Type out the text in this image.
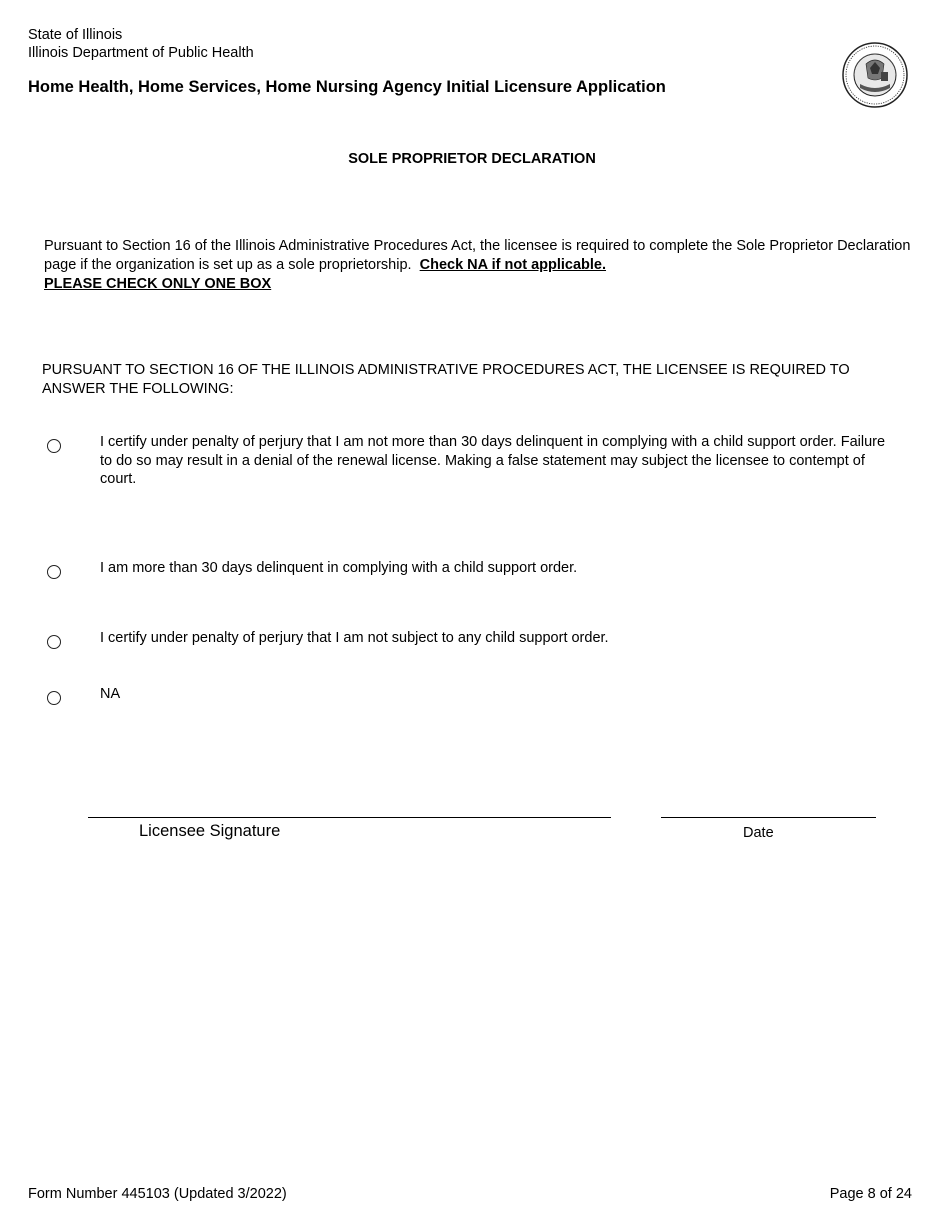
State of Illinois
Illinois Department of Public Health
Home Health, Home Services, Home Nursing Agency Initial Licensure Application
SOLE PROPRIETOR DECLARATION
Pursuant to Section 16 of the Illinois Administrative Procedures Act, the licensee is required to complete the Sole Proprietor Declaration page if the organization is set up as a sole proprietorship. Check NA if not applicable.
PLEASE CHECK ONLY ONE BOX
PURSUANT TO SECTION 16 OF THE ILLINOIS ADMINISTRATIVE PROCEDURES ACT, THE LICENSEE IS REQUIRED TO ANSWER THE FOLLOWING:
I certify under penalty of perjury that I am not more than 30 days delinquent in complying with a child support order. Failure to do so may result in a denial of the renewal license. Making a false statement may subject the licensee to contempt of court.
I am more than 30 days delinquent in complying with a child support order.
I certify under penalty of perjury that I am not subject to any child support order.
NA
Licensee Signature	Date
Form Number 445103 (Updated 3/2022)	Page 8 of 24
